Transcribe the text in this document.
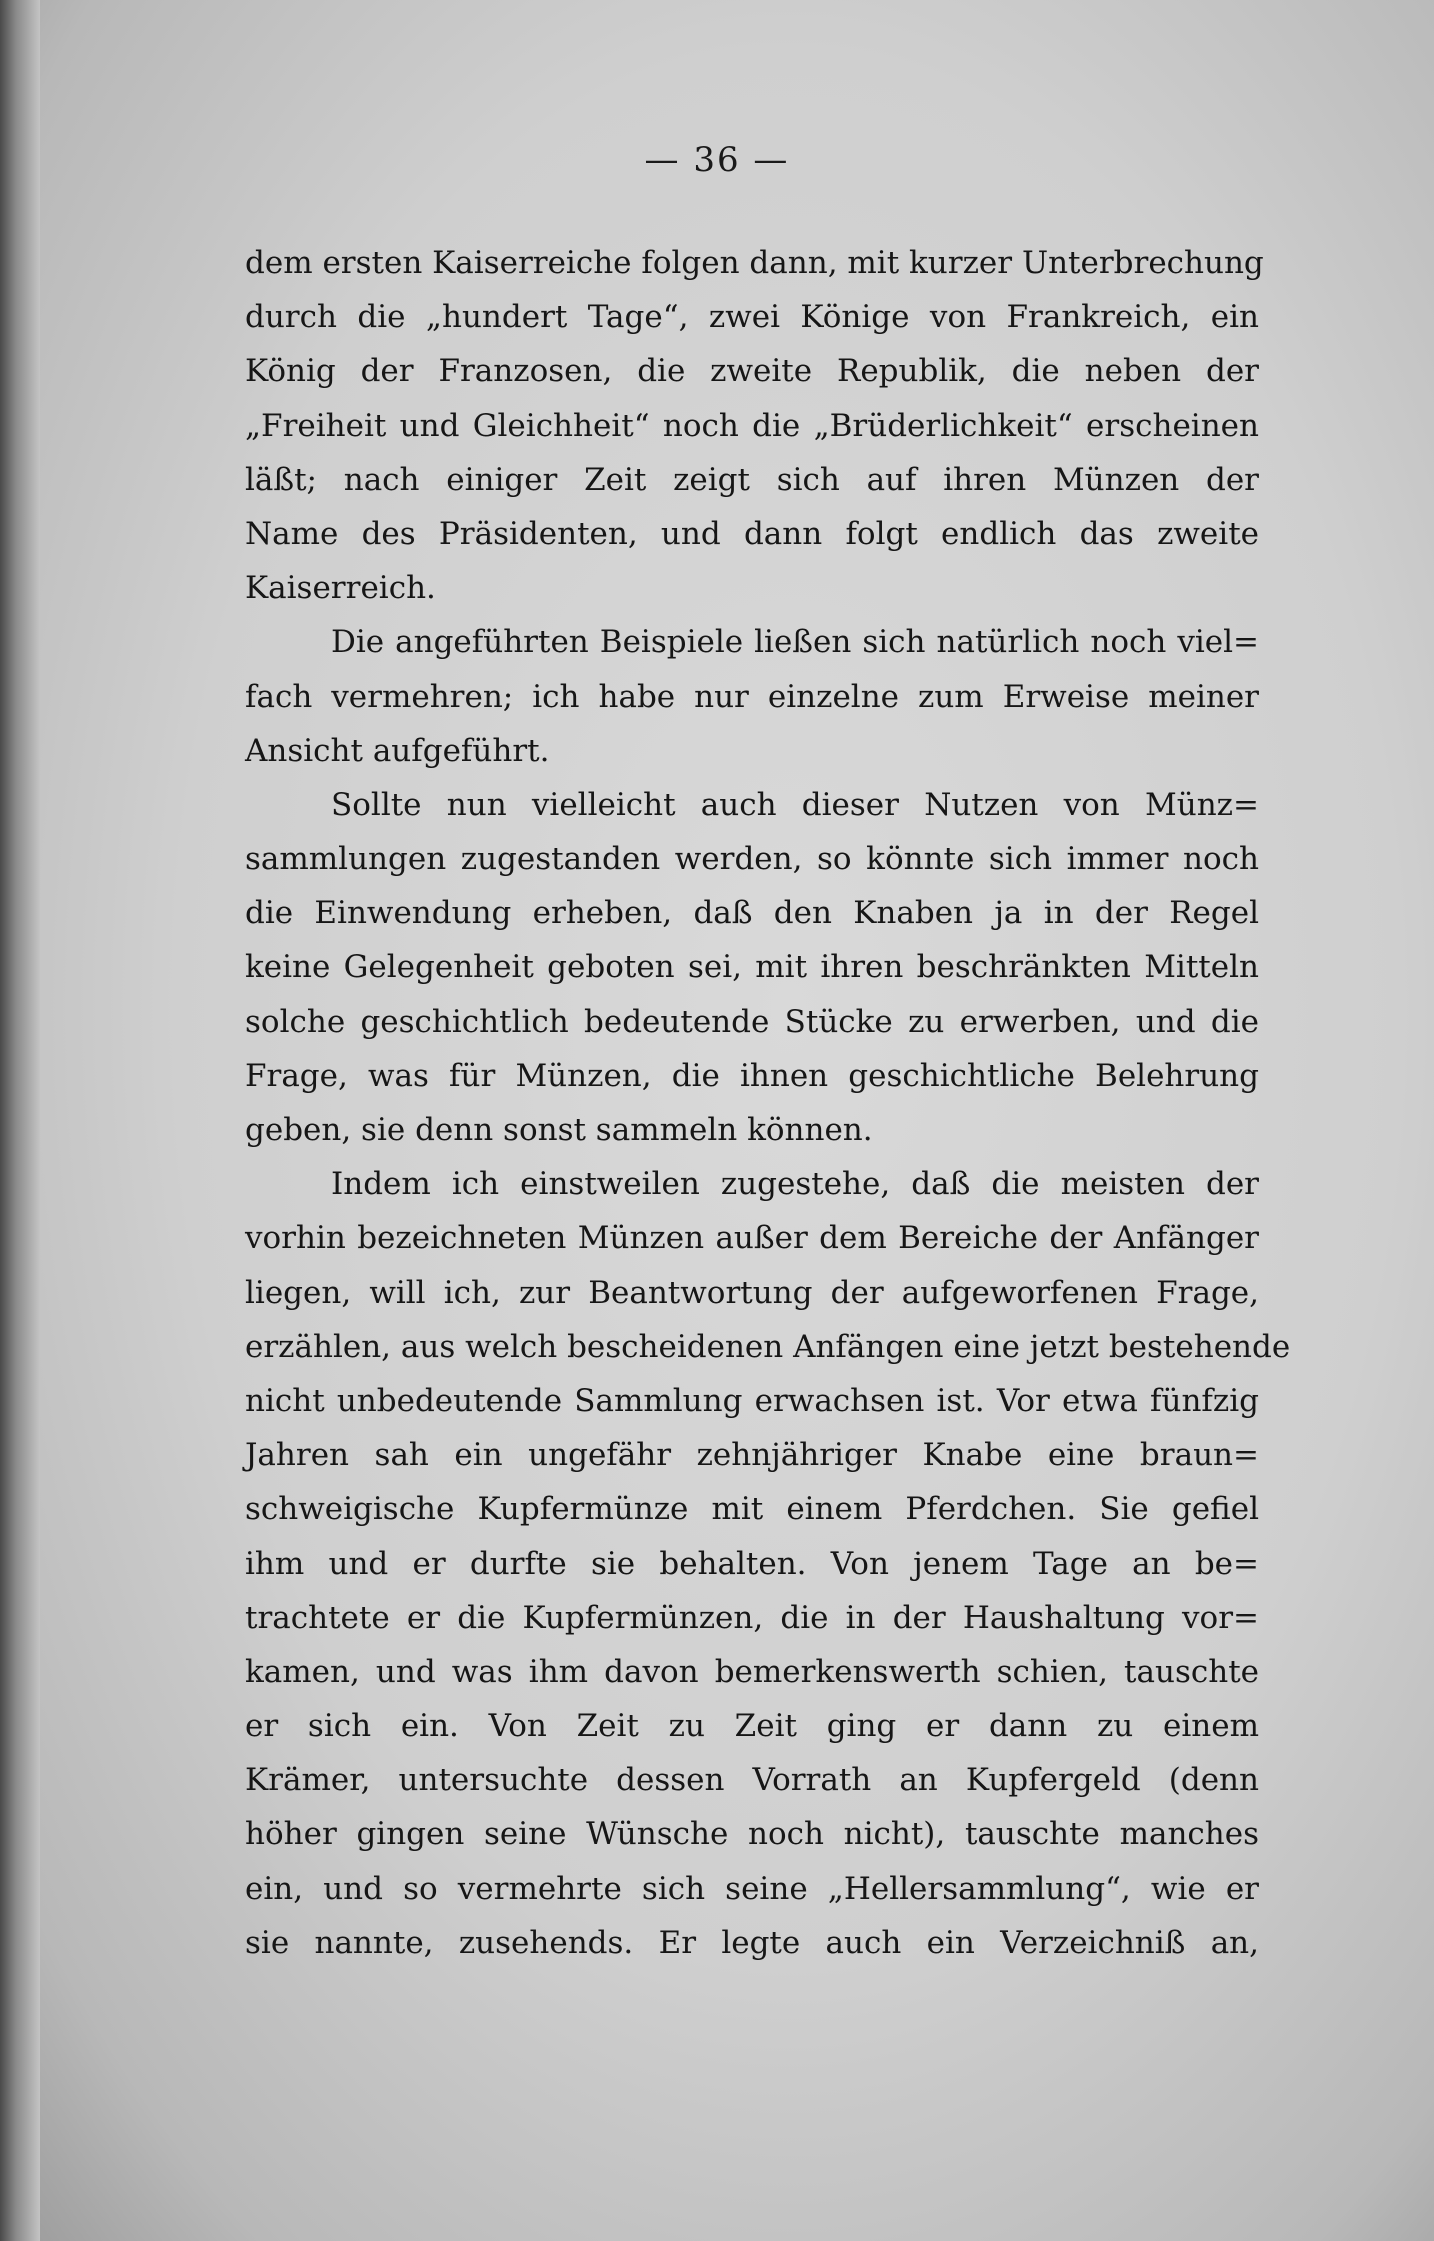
— 36 —
dem ersten Kaiserreiche folgen dann, mit kurzer Unterbrechung
durch die „hundert Tage“, zwei Könige von Frankreich, ein
König der Franzosen, die zweite Republik, die neben der
„Freiheit und Gleichheit“ noch die „Brüderlichkeit“ erscheinen
läßt; nach einiger Zeit zeigt sich auf ihren Münzen der
Name des Präsidenten, und dann folgt endlich das zweite
Kaiserreich.
Die angeführten Beispiele ließen sich natürlich noch viel=
fach vermehren; ich habe nur einzelne zum Erweise meiner
Ansicht aufgeführt.
Sollte nun vielleicht auch dieser Nutzen von Münz=
sammlungen zugestanden werden, so könnte sich immer noch
die Einwendung erheben, daß den Knaben ja in der Regel
keine Gelegenheit geboten sei, mit ihren beschränkten Mitteln
solche geschichtlich bedeutende Stücke zu erwerben, und die
Frage, was für Münzen, die ihnen geschichtliche Belehrung
geben, sie denn sonst sammeln können.
Indem ich einstweilen zugestehe, daß die meisten der
vorhin bezeichneten Münzen außer dem Bereiche der Anfänger
liegen, will ich, zur Beantwortung der aufgeworfenen Frage,
erzählen, aus welch bescheidenen Anfängen eine jetzt bestehende
nicht unbedeutende Sammlung erwachsen ist. Vor etwa fünfzig
Jahren sah ein ungefähr zehnjähriger Knabe eine braun=
schweigische Kupfermünze mit einem Pferdchen. Sie gefiel
ihm und er durfte sie behalten. Von jenem Tage an be=
trachtete er die Kupfermünzen, die in der Haushaltung vor=
kamen, und was ihm davon bemerkenswerth schien, tauschte
er sich ein. Von Zeit zu Zeit ging er dann zu einem
Krämer, untersuchte dessen Vorrath an Kupfergeld (denn
höher gingen seine Wünsche noch nicht), tauschte manches
ein, und so vermehrte sich seine „Hellersammlung“, wie er
sie nannte, zusehends. Er legte auch ein Verzeichniß an,
